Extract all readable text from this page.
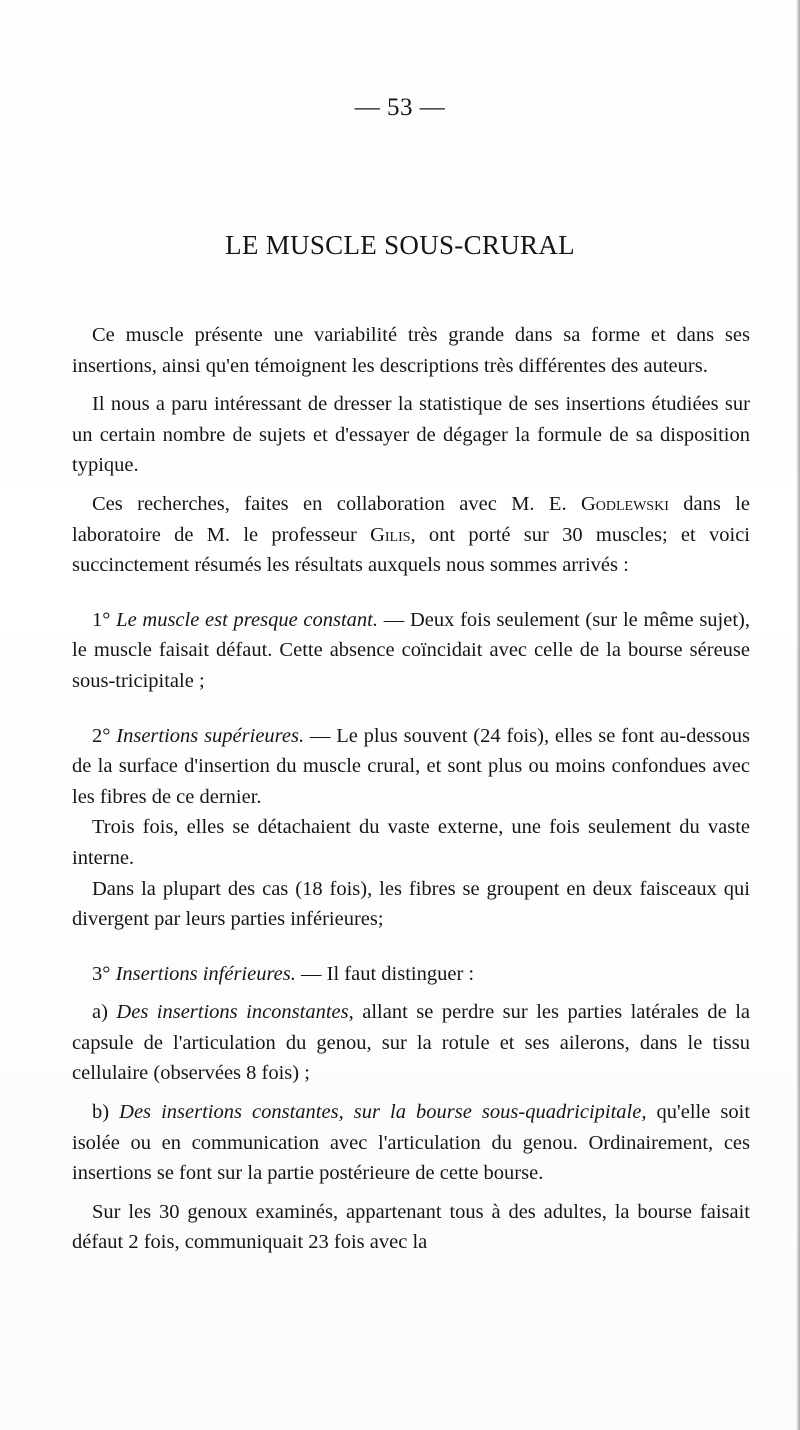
— 53 —
LE MUSCLE SOUS-CRURAL

Ce muscle présente une variabilité très grande dans sa forme et dans ses insertions, ainsi qu'en témoignent les descriptions très différentes des auteurs.

Il nous a paru intéressant de dresser la statistique de ses insertions étudiées sur un certain nombre de sujets et d'essayer de dégager la formule de sa disposition typique.

Ces recherches, faites en collaboration avec M. E. Godlewski dans le laboratoire de M. le professeur Gilis, ont porté sur 30 muscles; et voici succinctement résumés les résultats auxquels nous sommes arrivés :

1° Le muscle est presque constant. — Deux fois seulement (sur le même sujet), le muscle faisait défaut. Cette absence coïncidait avec celle de la bourse séreuse sous-tricipitale ;

2° Insertions supérieures. — Le plus souvent (24 fois), elles se font au-dessous de la surface d'insertion du muscle crural, et sont plus ou moins confondues avec les fibres de ce dernier.

Trois fois, elles se détachaient du vaste externe, une fois seulement du vaste interne.

Dans la plupart des cas (18 fois), les fibres se groupent en deux faisceaux qui divergent par leurs parties inférieures;

3° Insertions inférieures. — Il faut distinguer :

a) Des insertions inconstantes, allant se perdre sur les parties latérales de la capsule de l'articulation du genou, sur la rotule et ses ailerons, dans le tissu cellulaire (observées 8 fois) ;

b) Des insertions constantes, sur la bourse sous-quadricipitale, qu'elle soit isolée ou en communication avec l'articulation du genou. Ordinairement, ces insertions se font sur la partie postérieure de cette bourse.

Sur les 30 genoux examinés, appartenant tous à des adultes, la bourse faisait défaut 2 fois, communiquait 23 fois avec la
